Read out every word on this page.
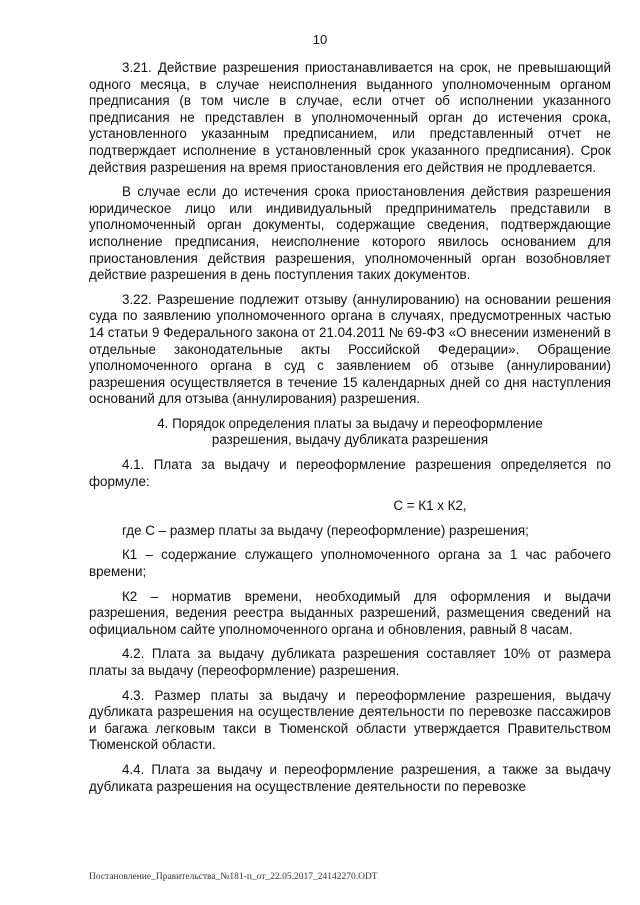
10

3.21. Действие разрешения приостанавливается на срок, не превышающий одного месяца, в случае неисполнения выданного уполномоченным органом предписания (в том числе в случае, если отчет об исполнении указанного предписания не представлен в уполномоченный орган до истечения срока, установленного указанным предписанием, или представленный отчет не подтверждает исполнение в установленный срок указанного предписания). Срок действия разрешения на время приостановления его действия не продлевается.

В случае если до истечения срока приостановления действия разрешения юридическое лицо или индивидуальный предприниматель представили в уполномоченный орган документы, содержащие сведения, подтверждающие исполнение предписания, неисполнение которого явилось основанием для приостановления действия разрешения, уполномоченный орган возобновляет действие разрешения в день поступления таких документов.

3.22. Разрешение подлежит отзыву (аннулированию) на основании решения суда по заявлению уполномоченного органа в случаях, предусмотренных частью 14 статьи 9 Федерального закона от 21.04.2011 № 69-ФЗ «О внесении изменений в отдельные законодательные акты Российской Федерации». Обращение уполномоченного органа в суд с заявлением об отзыве (аннулировании) разрешения осуществляется в течение 15 календарных дней со дня наступления оснований для отзыва (аннулирования) разрешения.

4. Порядок определения платы за выдачу и переоформление разрешения, выдачу дубликата разрешения

4.1. Плата за выдачу и переоформление разрешения определяется по формуле:

С = К1 х К2,

где С – размер платы за выдачу (переоформление) разрешения;

К1 – содержание служащего уполномоченного органа за 1 час рабочего времени;

К2 – норматив времени, необходимый для оформления и выдачи разрешения, ведения реестра выданных разрешений, размещения сведений на официальном сайте уполномоченного органа и обновления, равный 8 часам.

4.2. Плата за выдачу дубликата разрешения составляет 10% от размера платы за выдачу (переоформление) разрешения.

4.3. Размер платы за выдачу и переоформление разрешения, выдачу дубликата разрешения на осуществление деятельности по перевозке пассажиров и багажа легковым такси в Тюменской области утверждается Правительством Тюменской области.

4.4. Плата за выдачу и переоформление разрешения, а также за выдачу дубликата разрешения на осуществление деятельности по перевозке

Постановление_Правительства_№181-п_от_22.05.2017_24142270.ODT
